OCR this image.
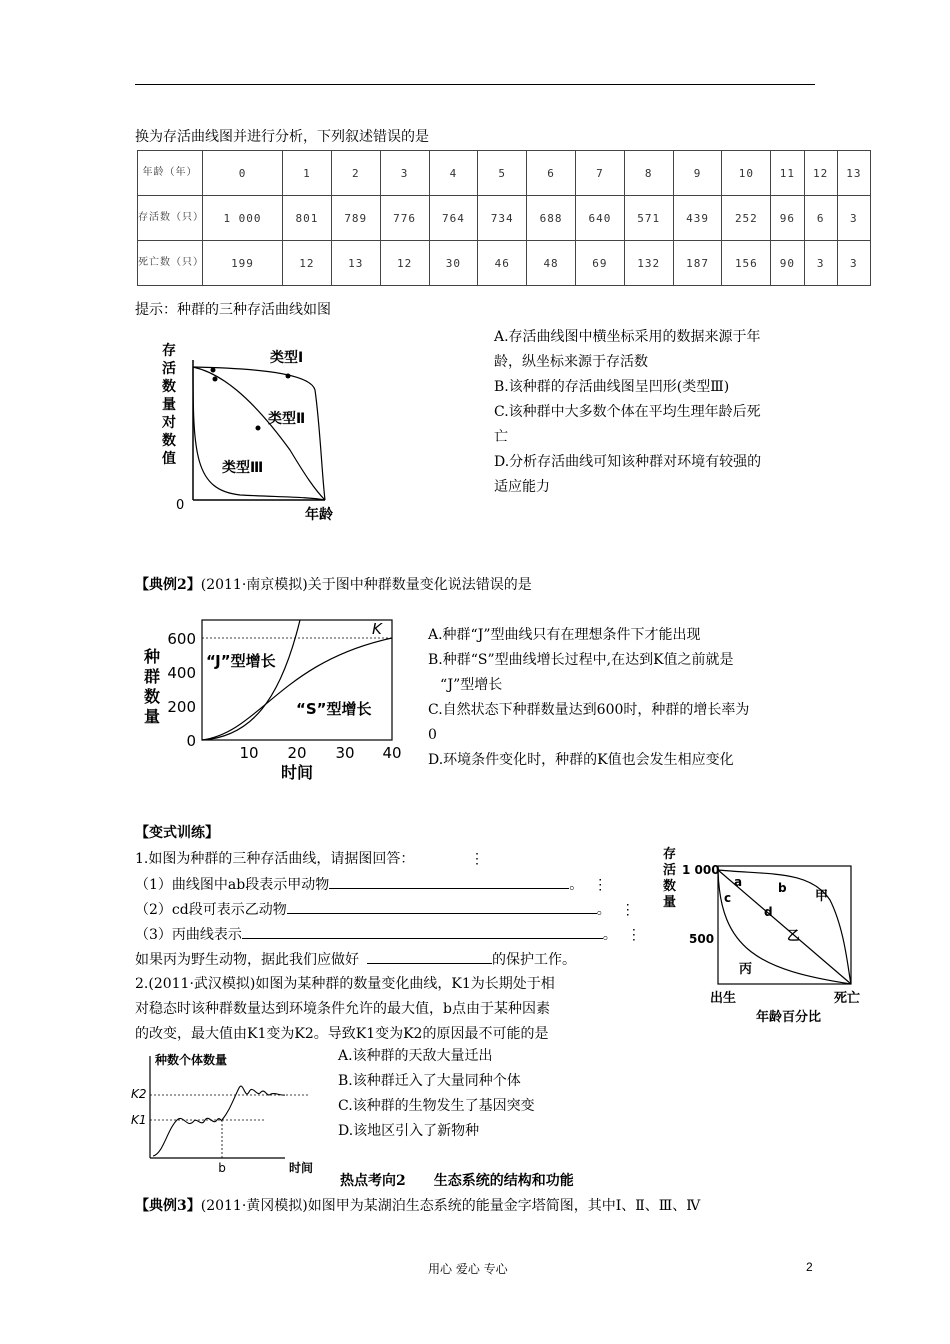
换为存活曲线图并进行分析，下列叙述错误的是
年龄（年）	0	1	2	3	4	5	6	7	8	9	10	11	12	13
存活数（只）	1 000	801	789	776	764	734	688	640	571	439	252	96	6	3
死亡数（只）	199	12	13	12	30	46	48	69	132	187	156	90	3	3
提示：种群的三种存活曲线如图
存
活
数
量
对
数
值
0
年龄
类型Ⅰ
类型Ⅱ
类型Ⅲ
A.存活曲线图中横坐标采用的数据来源于年
龄，纵坐标来源于存活数
B.该种群的存活曲线图呈凹形(类型Ⅲ)
C.该种群中大多数个体在平均生理年龄后死
亡
D.分析存活曲线可知该种群对环境有较强的
适应能力
【典例2】(2011·南京模拟)关于图中种群数量变化说法错误的是
种
群
数
量
0
200
400
600
10 20 30 40
时间
K
“J”型增长
“S”型增长
A.种群“J”型曲线只有在理想条件下才能出现
B.种群“S”型曲线增长过程中,在达到K值之前就是
“J”型增长
C.自然状态下种群数量达到600时，种群的增长率为
0
D.环境条件变化时，种群的K值也会发生相应变化
【变式训练】
1.如图为种群的三种存活曲线，请据图回答：	⋮
（1）曲线图中ab段表示甲动物	。 ⋮
（2）cd段可表示乙动物	。 ⋮
（3）丙曲线表示	。 ⋮
如果丙为野生动物，据此我们应做好	的保护工作。
2.(2011·武汉模拟)如图为某种群的数量变化曲线，K1为长期处于相
对稳态时该种群数量达到环境条件允许的最大值，b点由于某种因素
的改变，最大值由K1变为K2。导致K1变为K2的原因最不可能的是
存
活
数
量
1 000
500
a	b
c
d
甲
乙
丙
出生	死亡
年龄百分比
种数个体数量
K2
K1
b	时间
A.该种群的天敌大量迁出
B.该种群迁入了大量同种个体
C.该种群的生物发生了基因突变
D.该地区引入了新物种
热点考向2　　生态系统的结构和功能
【典例3】(2011·黄冈模拟)如图甲为某湖泊生态系统的能量金字塔简图，其中Ⅰ、Ⅱ、Ⅲ、Ⅳ
用心 爱心 专心	2
